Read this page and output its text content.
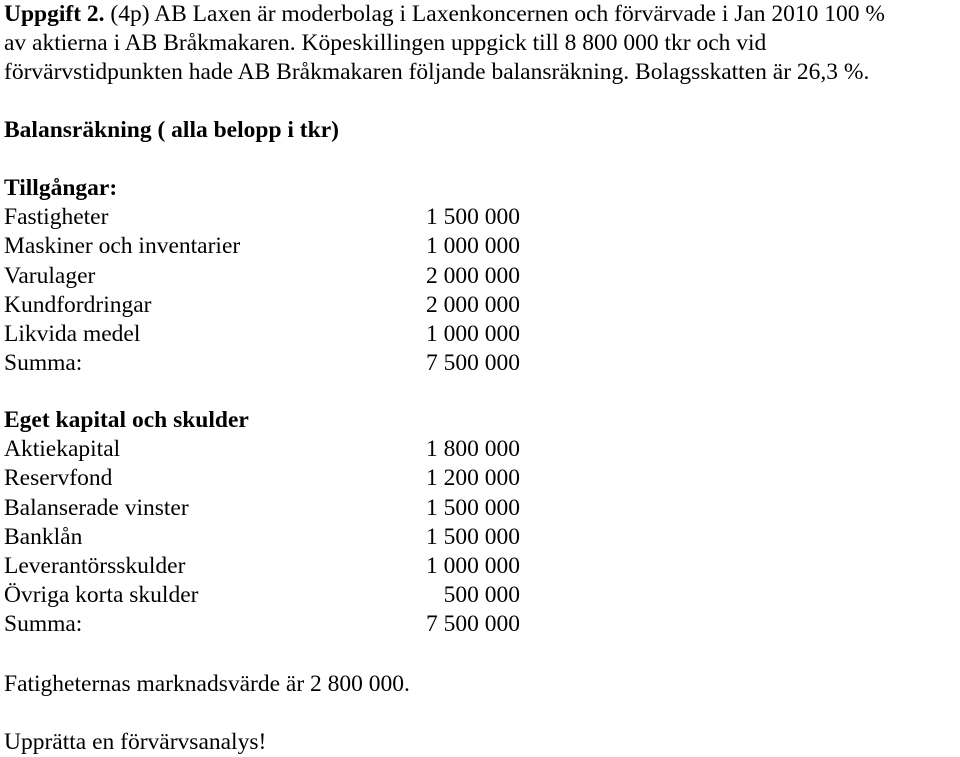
Uppgift 2. (4p) AB Laxen är moderbolag i Laxenkoncernen och förvärvade i Jan 2010 100 %
av aktierna i AB Bråkmakaren. Köpeskillingen uppgick till 8 800 000 tkr och vid
förvärvstidpunkten hade AB Bråkmakaren följande balansräkning. Bolagsskatten är 26,3 %.

Balansräkning ( alla belopp i tkr)
Tillgångar:
Fastigheter	1 500 000
Maskiner och inventarier	1 000 000
Varulager	2 000 000
Kundfordringar	2 000 000
Likvida medel	1 000 000
Summa:	7 500 000
Eget kapital och skulder
Aktiekapital	1 800 000
Reservfond	1 200 000
Balanserade vinster	1 500 000
Banklån	1 500 000
Leverantörsskulder	1 000 000
Övriga korta skulder	500 000
Summa:	7 500 000
Fatigheternas marknadsvärde är 2 800 000.
Upprätta en förvärvsanalys!
